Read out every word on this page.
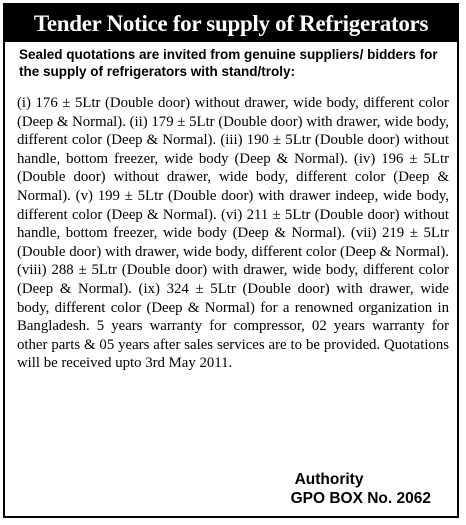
Tender Notice for supply of Refrigerators

Sealed quotations are invited from genuine suppliers/ bidders for the supply of refrigerators with stand/troly:

(i) 176 ± 5Ltr (Double door) without drawer, wide body, different color (Deep & Normal). (ii) 179 ± 5Ltr (Double door) with drawer, wide body, different color (Deep & Normal). (iii) 190 ± 5Ltr (Double door) without handle, bottom freezer, wide body (Deep & Normal). (iv) 196 ± 5Ltr (Double door) without drawer, wide body, different color (Deep & Normal). (v) 199 ± 5Ltr (Double door) with drawer indeep, wide body, different color (Deep & Normal). (vi) 211 ± 5Ltr (Double door) without handle, bottom freezer, wide body (Deep & Normal). (vii) 219 ± 5Ltr (Double door) with drawer, wide body, different color (Deep & Normal). (viii) 288 ± 5Ltr (Double door) with drawer, wide body, different color (Deep & Normal). (ix) 324 ± 5Ltr (Double door) with drawer, wide body, different color (Deep & Normal) for a renowned organization in Bangladesh. 5 years warranty for compressor, 02 years warranty for other parts & 05 years after sales services are to be provided. Quotations will be received upto 3rd May 2011.

Authority
GPO BOX No. 2062
